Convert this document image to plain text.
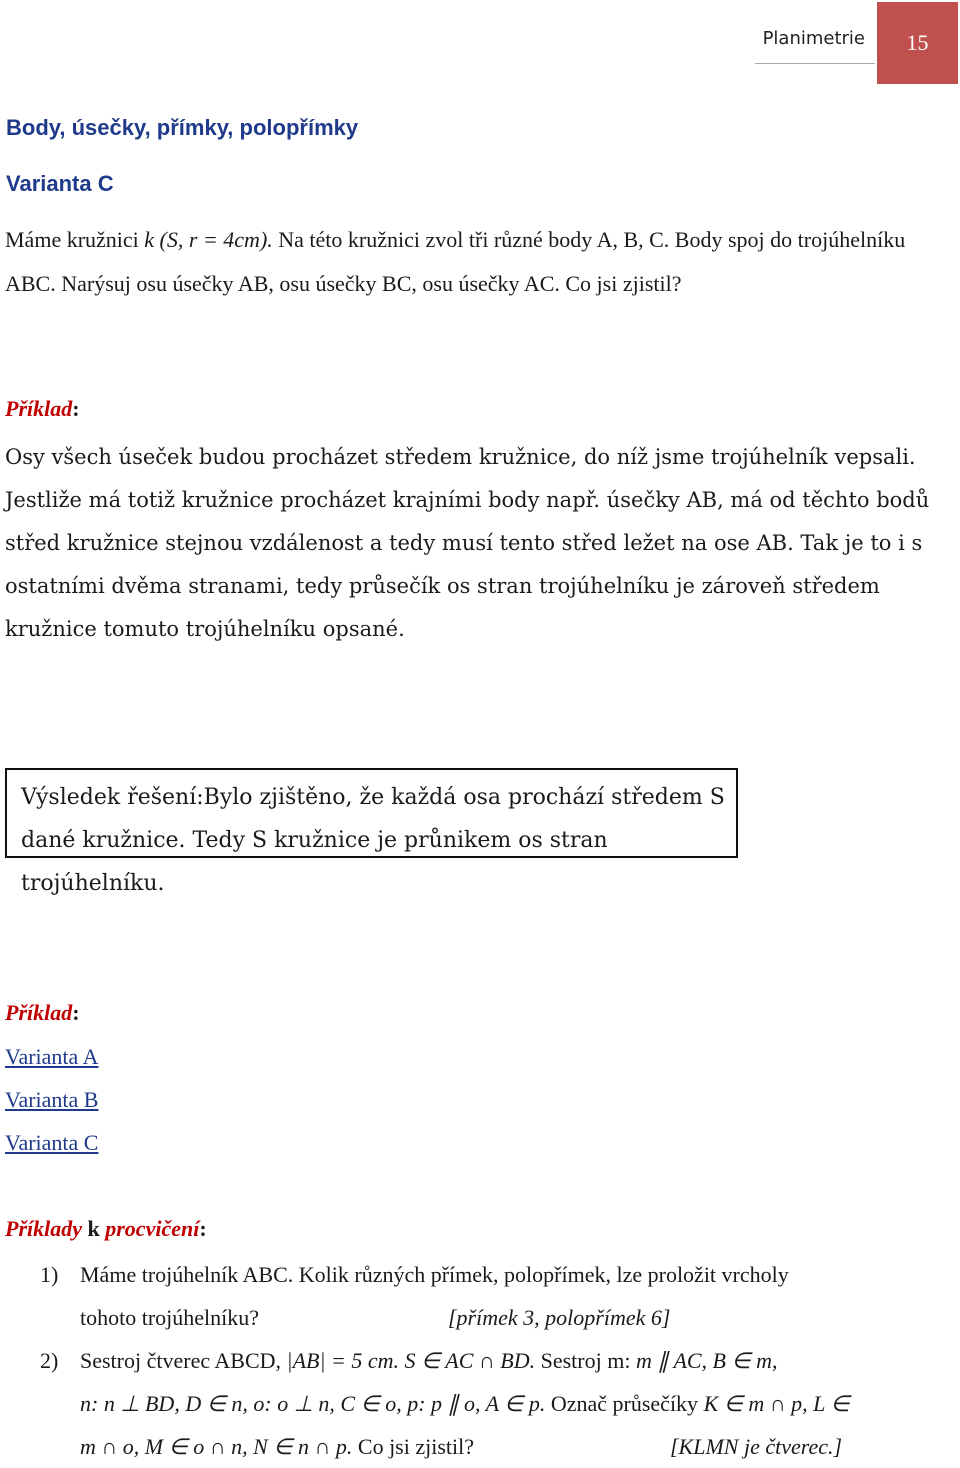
Planimetrie	15
Body, úsečky, přímky, polopřímky
Varianta C
Máme kružnici k (S, r = 4cm). Na této kružnici zvol tři různé body A, B, C. Body spoj do trojúhelníku ABC. Narýsuj osu úsečky AB, osu úsečky BC, osu úsečky AC. Co jsi zjistil?
Příklad:
Osy všech úseček budou procházet středem kružnice, do níž jsme trojúhelník vepsali. Jestliže má totiž kružnice procházet krajními body např. úsečky AB, má od těchto bodů střed kružnice stejnou vzdálenost a tedy musí tento střed ležet na ose AB. Tak je to i s ostatními dvěma stranami, tedy průsečík os stran trojúhelníku je zároveň středem kružnice tomuto trojúhelníku opsané.
Výsledek řešení:Bylo zjištěno, že každá osa prochází středem S dané kružnice. Tedy S kružnice je průnikem os stran trojúhelníku.
Příklad:
Varianta A
Varianta B
Varianta C
Příklady k procvičení:
1) Máme trojúhelník ABC. Kolik různých přímek, polopřímek, lze proložit vrcholy
tohoto trojúhelníku?	[přímek 3, polopřímek 6]
2) Sestroj čtverec ABCD, |AB| = 5 cm. S ∈ AC ∩ BD. Sestroj m: m ∥ AC, B ∈ m,
n: n ⊥ BD, D ∈ n, o: o ⊥ n, C ∈ o, p: p ∥ o, A ∈ p. Označ průsečíky K ∈ m ∩ p, L ∈
m ∩ o, M ∈ o ∩ n, N ∈ n ∩ p. Co jsi zjistil?	[KLMN je čtverec.]
